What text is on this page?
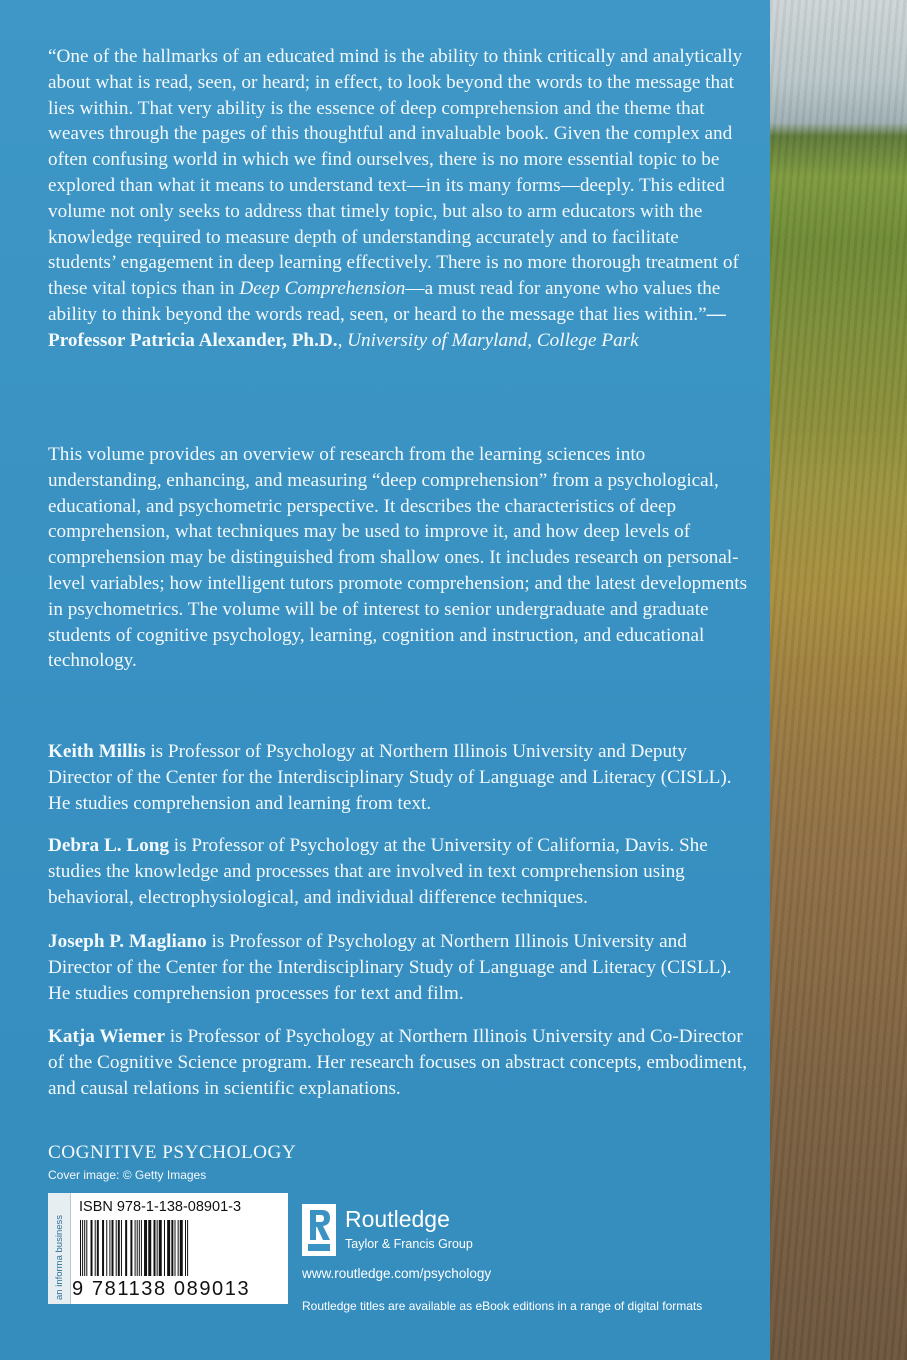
“One of the hallmarks of an educated mind is the ability to think critically and analytically about what is read, seen, or heard; in effect, to look beyond the words to the message that lies within. That very ability is the essence of deep comprehension and the theme that weaves through the pages of this thoughtful and invaluable book. Given the complex and often confusing world in which we find ourselves, there is no more essential topic to be explored than what it means to understand text—in its many forms—deeply. This edited volume not only seeks to address that timely topic, but also to arm educators with the knowledge required to measure depth of understanding accurately and to facilitate students’ engagement in deep learning effectively. There is no more thorough treatment of these vital topics than in Deep Comprehension—a must read for anyone who values the ability to think beyond the words read, seen, or heard to the message that lies within.”—Professor Patricia Alexander, Ph.D., University of Maryland, College Park

This volume provides an overview of research from the learning sciences into understanding, enhancing, and measuring “deep comprehension” from a psychological, educational, and psychometric perspective. It describes the characteristics of deep comprehension, what techniques may be used to improve it, and how deep levels of comprehension may be distinguished from shallow ones. It includes research on personal-level variables; how intelligent tutors promote comprehension; and the latest developments in psychometrics. The volume will be of interest to senior undergraduate and graduate students of cognitive psychology, learning, cognition and instruction, and educational technology.

Keith Millis is Professor of Psychology at Northern Illinois University and Deputy Director of the Center for the Interdisciplinary Study of Language and Literacy (CISLL). He studies comprehension and learning from text.

Debra L. Long is Professor of Psychology at the University of California, Davis. She studies the knowledge and processes that are involved in text comprehension using behavioral, electrophysiological, and individual difference techniques.

Joseph P. Magliano is Professor of Psychology at Northern Illinois University and Director of the Center for the Interdisciplinary Study of Language and Literacy (CISLL). He studies comprehension processes for text and film.

Katja Wiemer is Professor of Psychology at Northern Illinois University and Co-Director of the Cognitive Science program. Her research focuses on abstract concepts, embodiment, and causal relations in scientific explanations.

COGNITIVE PSYCHOLOGY
Cover image: © Getty Images
an informa business
ISBN 978-1-138-08901-3
9 781138 089013
Routledge
Taylor & Francis Group
www.routledge.com/psychology
Routledge titles are available as eBook editions in a range of digital formats
